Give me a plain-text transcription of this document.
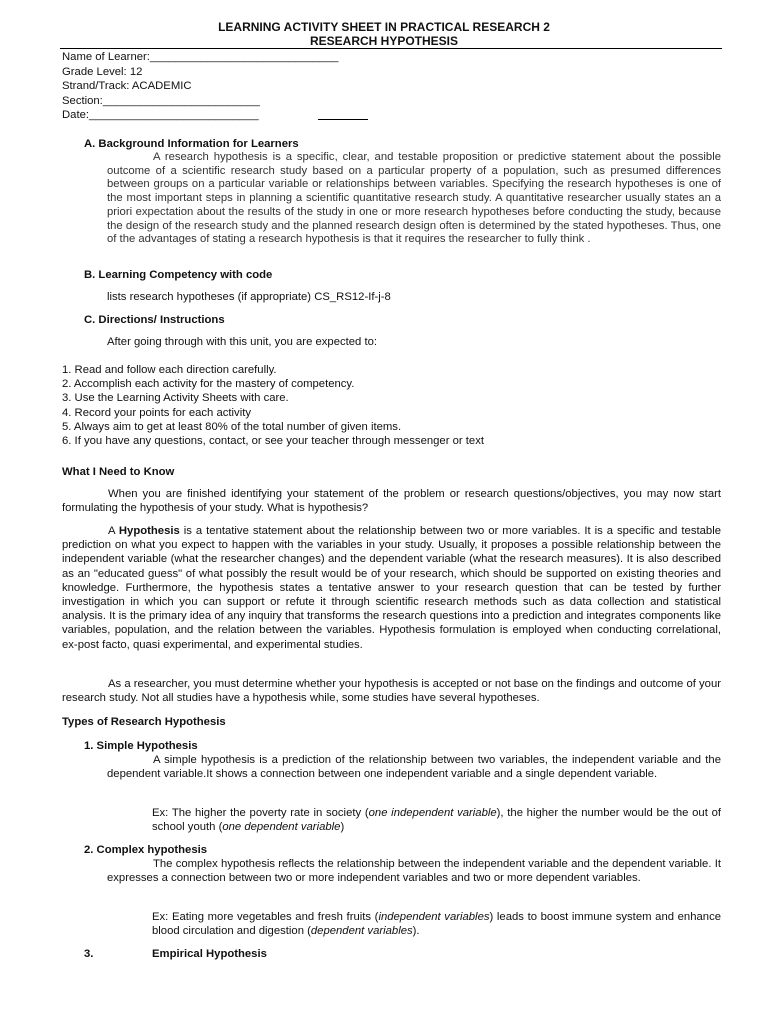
LEARNING ACTIVITY SHEET IN PRACTICAL RESEARCH 2
RESEARCH HYPOTHESIS

Name of Learner:______________________________

Grade Level: 12

Strand/Track: ACADEMIC

Section:_________________________

Date:___________________________

A. Background Information for Learners

A research hypothesis is a specific, clear, and testable proposition or predictive statement about the possible outcome of a scientific research study based on a particular property of a population, such as presumed differences between groups on a particular variable or relationships between variables. Specifying the research hypotheses is one of the most important steps in planning a scientific quantitative research study. A quantitative researcher usually states an a priori expectation about the results of the study in one or more research hypotheses before conducting the study, because the design of the research study and the planned research design often is determined by the stated hypotheses. Thus, one of the advantages of stating a research hypothesis is that it requires the researcher to fully think .

B. Learning Competency with code

lists research hypotheses (if appropriate) CS_RS12-If-j-8

C. Directions/ Instructions

After going through with this unit, you are expected to:

1. Read and follow each direction carefully.
2. Accomplish each activity for the mastery of competency.
3. Use the Learning Activity Sheets with care.
4. Record your points for each activity
5. Always aim to get at least 80% of the total number of given items.
6. If you have any questions, contact, or see your teacher through messenger or text

What I Need to Know

When you are finished identifying your statement of the problem or research questions/objectives, you may now start formulating the hypothesis of your study. What is hypothesis?

A Hypothesis is a tentative statement about the relationship between two or more variables. It is a specific and testable prediction on what you expect to happen with the variables in your study. Usually, it proposes a possible relationship between the independent variable (what the researcher changes) and the dependent variable (what the research measures). It is also described as an "educated guess" of what possibly the result would be of your research, which should be supported on existing theories and knowledge. Furthermore, the hypothesis states a tentative answer to your research question that can be tested by further investigation in which you can support or refute it through scientific research methods such as data collection and statistical analysis. It is the primary idea of any inquiry that transforms the research questions into a prediction and integrates components like variables, population, and the relation between the variables. Hypothesis formulation is employed when conducting correlational, ex-post facto, quasi experimental, and experimental studies.

As a researcher, you must determine whether your hypothesis is accepted or not base on the findings and outcome of your research study. Not all studies have a hypothesis while, some studies have several hypotheses.

Types of Research Hypothesis

1. Simple Hypothesis

A simple hypothesis is a prediction of the relationship between two variables, the independent variable and the dependent variable.It shows a connection between one independent variable and a single dependent variable.

Ex: The higher the poverty rate in society (one independent variable), the higher the number would be the out of school youth (one dependent variable)

2. Complex hypothesis

The complex hypothesis reflects the relationship between the independent variable and the dependent variable. It expresses a connection between two or more independent variables and two or more dependent variables.

Ex: Eating more vegetables and fresh fruits (independent variables) leads to boost immune system and enhance blood circulation and digestion (dependent variables).

3.	Empirical Hypothesis
